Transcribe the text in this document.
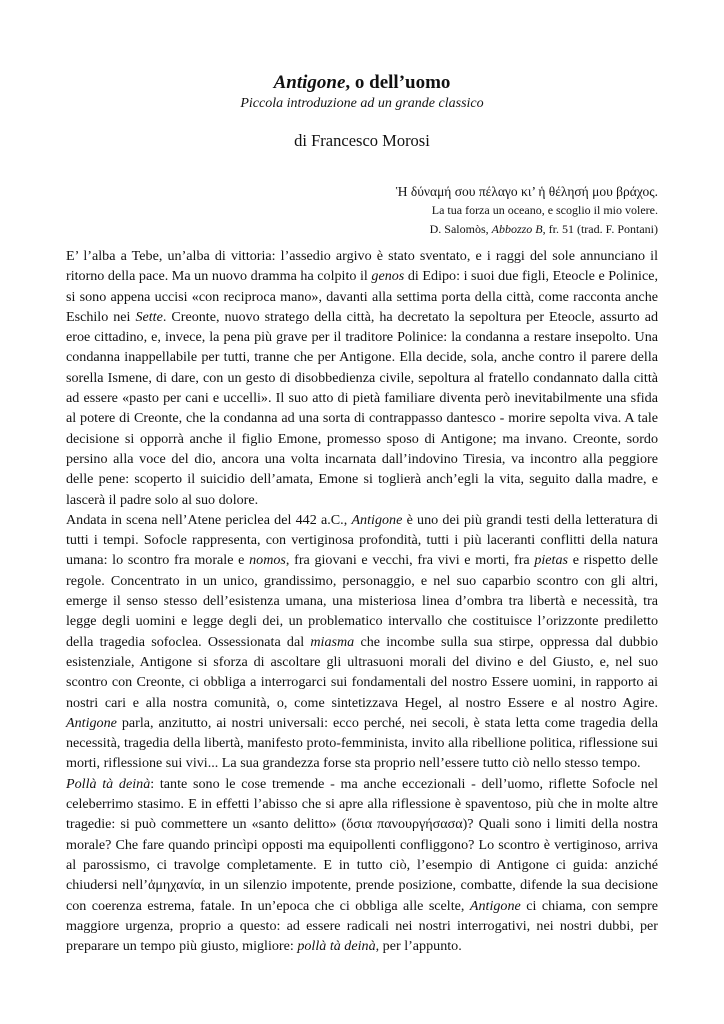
Antigone, o dell’uomo
Piccola introduzione ad un grande classico
di Francesco Morosi
Ἡ δύναμή σου πέλαγο κι’ ἡ θέλησή μου βράχος.
La tua forza un oceano, e scoglio il mio volere.
D. Salomòs, Abbozzo B, fr. 51 (trad. F. Pontani)

E’ l’alba a Tebe, un’alba di vittoria: l’assedio argivo è stato sventato, e i raggi del sole annunciano il ritorno della pace. Ma un nuovo dramma ha colpito il genos di Edipo: i suoi due figli, Eteocle e Polinice, si sono appena uccisi «con reciproca mano», davanti alla settima porta della città, come racconta anche Eschilo nei Sette. Creonte, nuovo stratego della città, ha decretato la sepoltura per Eteocle, assurto ad eroe cittadino, e, invece, la pena più grave per il traditore Polinice: la condanna a restare insepolto. Una condanna inappellabile per tutti, tranne che per Antigone. Ella decide, sola, anche contro il parere della sorella Ismene, di dare, con un gesto di disobbedienza civile, sepoltura al fratello condannato dalla città ad essere «pasto per cani e uccelli». Il suo atto di pietà familiare diventa però inevitabilmente una sfida al potere di Creonte, che la condanna ad una sorta di contrappasso dantesco - morire sepolta viva. A tale decisione si opporrà anche il figlio Emone, promesso sposo di Antigone; ma invano. Creonte, sordo persino alla voce del dio, ancora una volta incarnata dall’indovino Tiresia, va incontro alla peggiore delle pene: scoperto il suicidio dell’amata, Emone si toglierà anch’egli la vita, seguito dalla madre, e lascerà il padre solo al suo dolore.

Andata in scena nell’Atene periclea del 442 a.C., Antigone è uno dei più grandi testi della letteratura di tutti i tempi. Sofocle rappresenta, con vertiginosa profondità, tutti i più laceranti conflitti della natura umana: lo scontro fra morale e nomos, fra giovani e vecchi, fra vivi e morti, fra pietas e rispetto delle regole. Concentrato in un unico, grandissimo, personaggio, e nel suo caparbio scontro con gli altri, emerge il senso stesso dell’esistenza umana, una misteriosa linea d’ombra tra libertà e necessità, tra legge degli uomini e legge degli dei, un problematico intervallo che costituisce l’orizzonte prediletto della tragedia sofoclea. Ossessionata dal miasma che incombe sulla sua stirpe, oppressa dal dubbio esistenziale, Antigone si sforza di ascoltare gli ultrasuoni morali del divino e del Giusto, e, nel suo scontro con Creonte, ci obbliga a interrogarci sui fondamentali del nostro Essere uomini, in rapporto ai nostri cari e alla nostra comunità, o, come sintetizzava Hegel, al nostro Essere e al nostro Agire. Antigone parla, anzitutto, ai nostri universali: ecco perché, nei secoli, è stata letta come tragedia della necessità, tragedia della libertà, manifesto proto-femminista, invito alla ribellione politica, riflessione sui morti, riflessione sui vivi... La sua grandezza forse sta proprio nell’essere tutto ciò nello stesso tempo.

Pollà tà deinà: tante sono le cose tremende - ma anche eccezionali - dell’uomo, riflette Sofocle nel celeberrimo stasimo. E in effetti l’abisso che si apre alla riflessione è spaventoso, più che in molte altre tragedie: si può commettere un «santo delitto» (ὅσια πανουργήσασα)? Quali sono i limiti della nostra morale? Che fare quando princìpi opposti ma equipollenti confliggono? Lo scontro è vertiginoso, arriva al parossismo, ci travolge completamente. E in tutto ciò, l’esempio di Antigone ci guida: anziché chiudersi nell’ἀμηχανία, in un silenzio impotente, prende posizione, combatte, difende la sua decisione con coerenza estrema, fatale. In un’epoca che ci obbliga alle scelte, Antigone ci chiama, con sempre maggiore urgenza, proprio a questo: ad essere radicali nei nostri interrogativi, nei nostri dubbi, per preparare un tempo più giusto, migliore: pollà tà deinà, per l’appunto.
